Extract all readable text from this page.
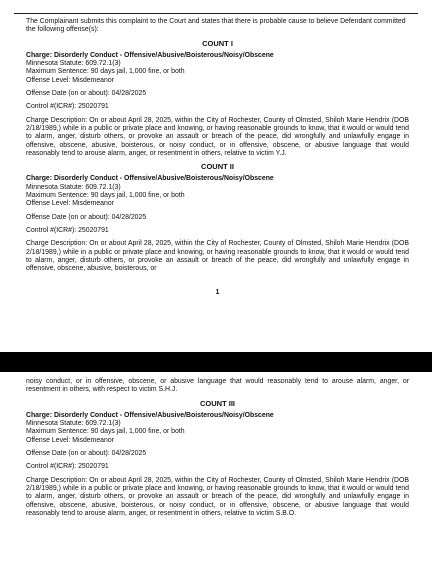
The Complainant submits this complaint to the Court and states that there is probable cause to believe Defendant committed the following offense(s):

COUNT I

Charge: Disorderly Conduct - Offensive/Abusive/Boisterous/Noisy/Obscene

Minnesota Statute: 609.72.1(3)

Maximum Sentence: 90 days jail, 1,000 fine, or both

Offense Level: Misdemeanor

Offense Date (on or about): 04/28/2025

Control #(ICR#): 25020791

Charge Description: On or about April 28, 2025, within the City of Rochester, County of Olmsted, Shiloh Marie Hendrix (DOB 2/18/1989,) while in a public or private place and knowing, or having reasonable grounds to know, that it would or would tend to alarm, anger, disturb others, or provoke an assault or breach of the peace, did wrongfully and unlawfully engage in offensive, obscene, abusive, boisterous, or noisy conduct, or in offensive, obscene, or abusive language that would reasonably tend to arouse alarm, anger, or resentment in others, relative to victim Y.J.

COUNT II

Charge: Disorderly Conduct - Offensive/Abusive/Boisterous/Noisy/Obscene

Minnesota Statute: 609.72.1(3)

Maximum Sentence: 90 days jail, 1,000 fine, or both

Offense Level: Misdemeanor

Offense Date (on or about): 04/28/2025

Control #(ICR#): 25020791

Charge Description: On or about April 28, 2025, within the City of Rochester, County of Olmsted, Shiloh Marie Hendrix (DOB 2/18/1989,) while in a public or private place and knowing, or having reasonable grounds to know, that it would or would tend to alarm, anger, disturb others, or provoke an assault or breach of the peace, did wrongfully and unlawfully engage in offensive, obscene, abusive, boisterous, or

1

noisy conduct, or in offensive, obscene, or abusive language that would reasonably tend to arouse alarm, anger, or resentment in others, with respect to victim S.H.J.

COUNT III

Charge: Disorderly Conduct - Offensive/Abusive/Boisterous/Noisy/Obscene

Minnesota Statute: 609.72.1(3)

Maximum Sentence: 90 days jail, 1,000 fine, or both

Offense Level: Misdemeanor

Offense Date (on or about): 04/28/2025

Control #(ICR#): 25020791

Charge Description: On or about April 28, 2025, within the City of Rochester, County of Olmsted, Shiloh Marie Hendrix (DOB 2/18/1989,) while in a public or private place and knowing, or having reasonable grounds to know, that it would or would tend to alarm, anger, disturb others, or provoke an assault or breach of the peace, did wrongfully and unlawfully engage in offensive, obscene, abusive, boisterous, or noisy conduct, or in offensive, obscene, or abusive language that would reasonably tend to arouse alarm, anger, or resentment in others, relative to victim S.B.O.
